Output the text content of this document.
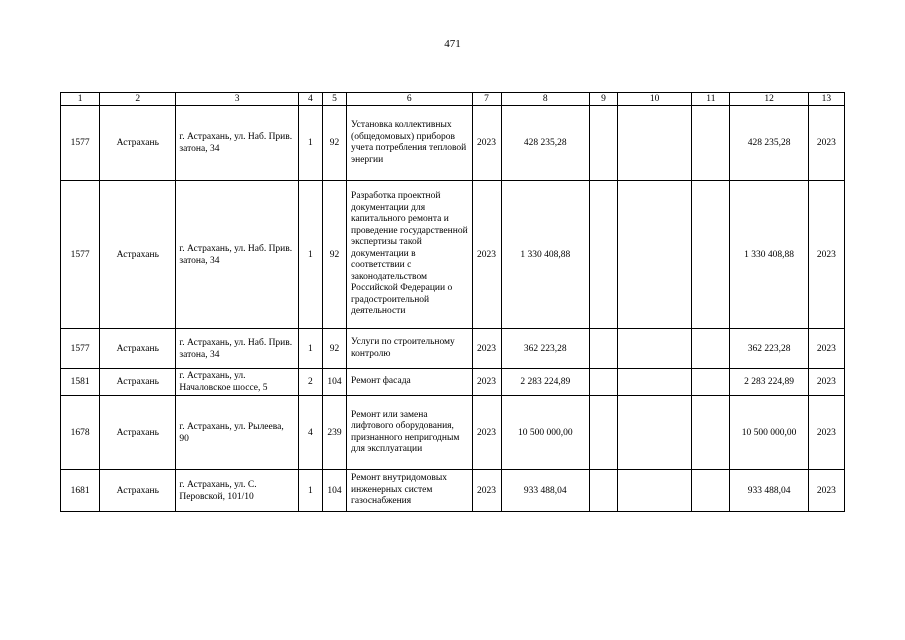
471
1	2	3	4	5	6	7	8	9	10	11	12	13
1577	Астрахань	г. Астрахань, ул. Наб. Прив. затона, 34	1	92	Установка коллективных (общедомовых) приборов учета потребления тепловой энергии	2023	428 235,28				428 235,28	2023
1577	Астрахань	г. Астрахань, ул. Наб. Прив. затона, 34	1	92	Разработка проектной документации для капитального ремонта и проведение государственной экспертизы такой документации в соответствии с законодательством Российской Федерации о градостроительной деятельности	2023	1 330 408,88				1 330 408,88	2023
1577	Астрахань	г. Астрахань, ул. Наб. Прив. затона, 34	1	92	Услуги по строительному контролю	2023	362 223,28				362 223,28	2023
1581	Астрахань	г. Астрахань, ул. Началовское шоссе, 5	2	104	Ремонт фасада	2023	2 283 224,89				2 283 224,89	2023
1678	Астрахань	г. Астрахань, ул. Рылеева, 90	4	239	Ремонт или замена лифтового оборудования, признанного непригодным для эксплуатации	2023	10 500 000,00				10 500 000,00	2023
1681	Астрахань	г. Астрахань, ул. С. Перовской, 101/10	1	104	Ремонт внутридомовых инженерных систем газоснабжения	2023	933 488,04				933 488,04	2023
